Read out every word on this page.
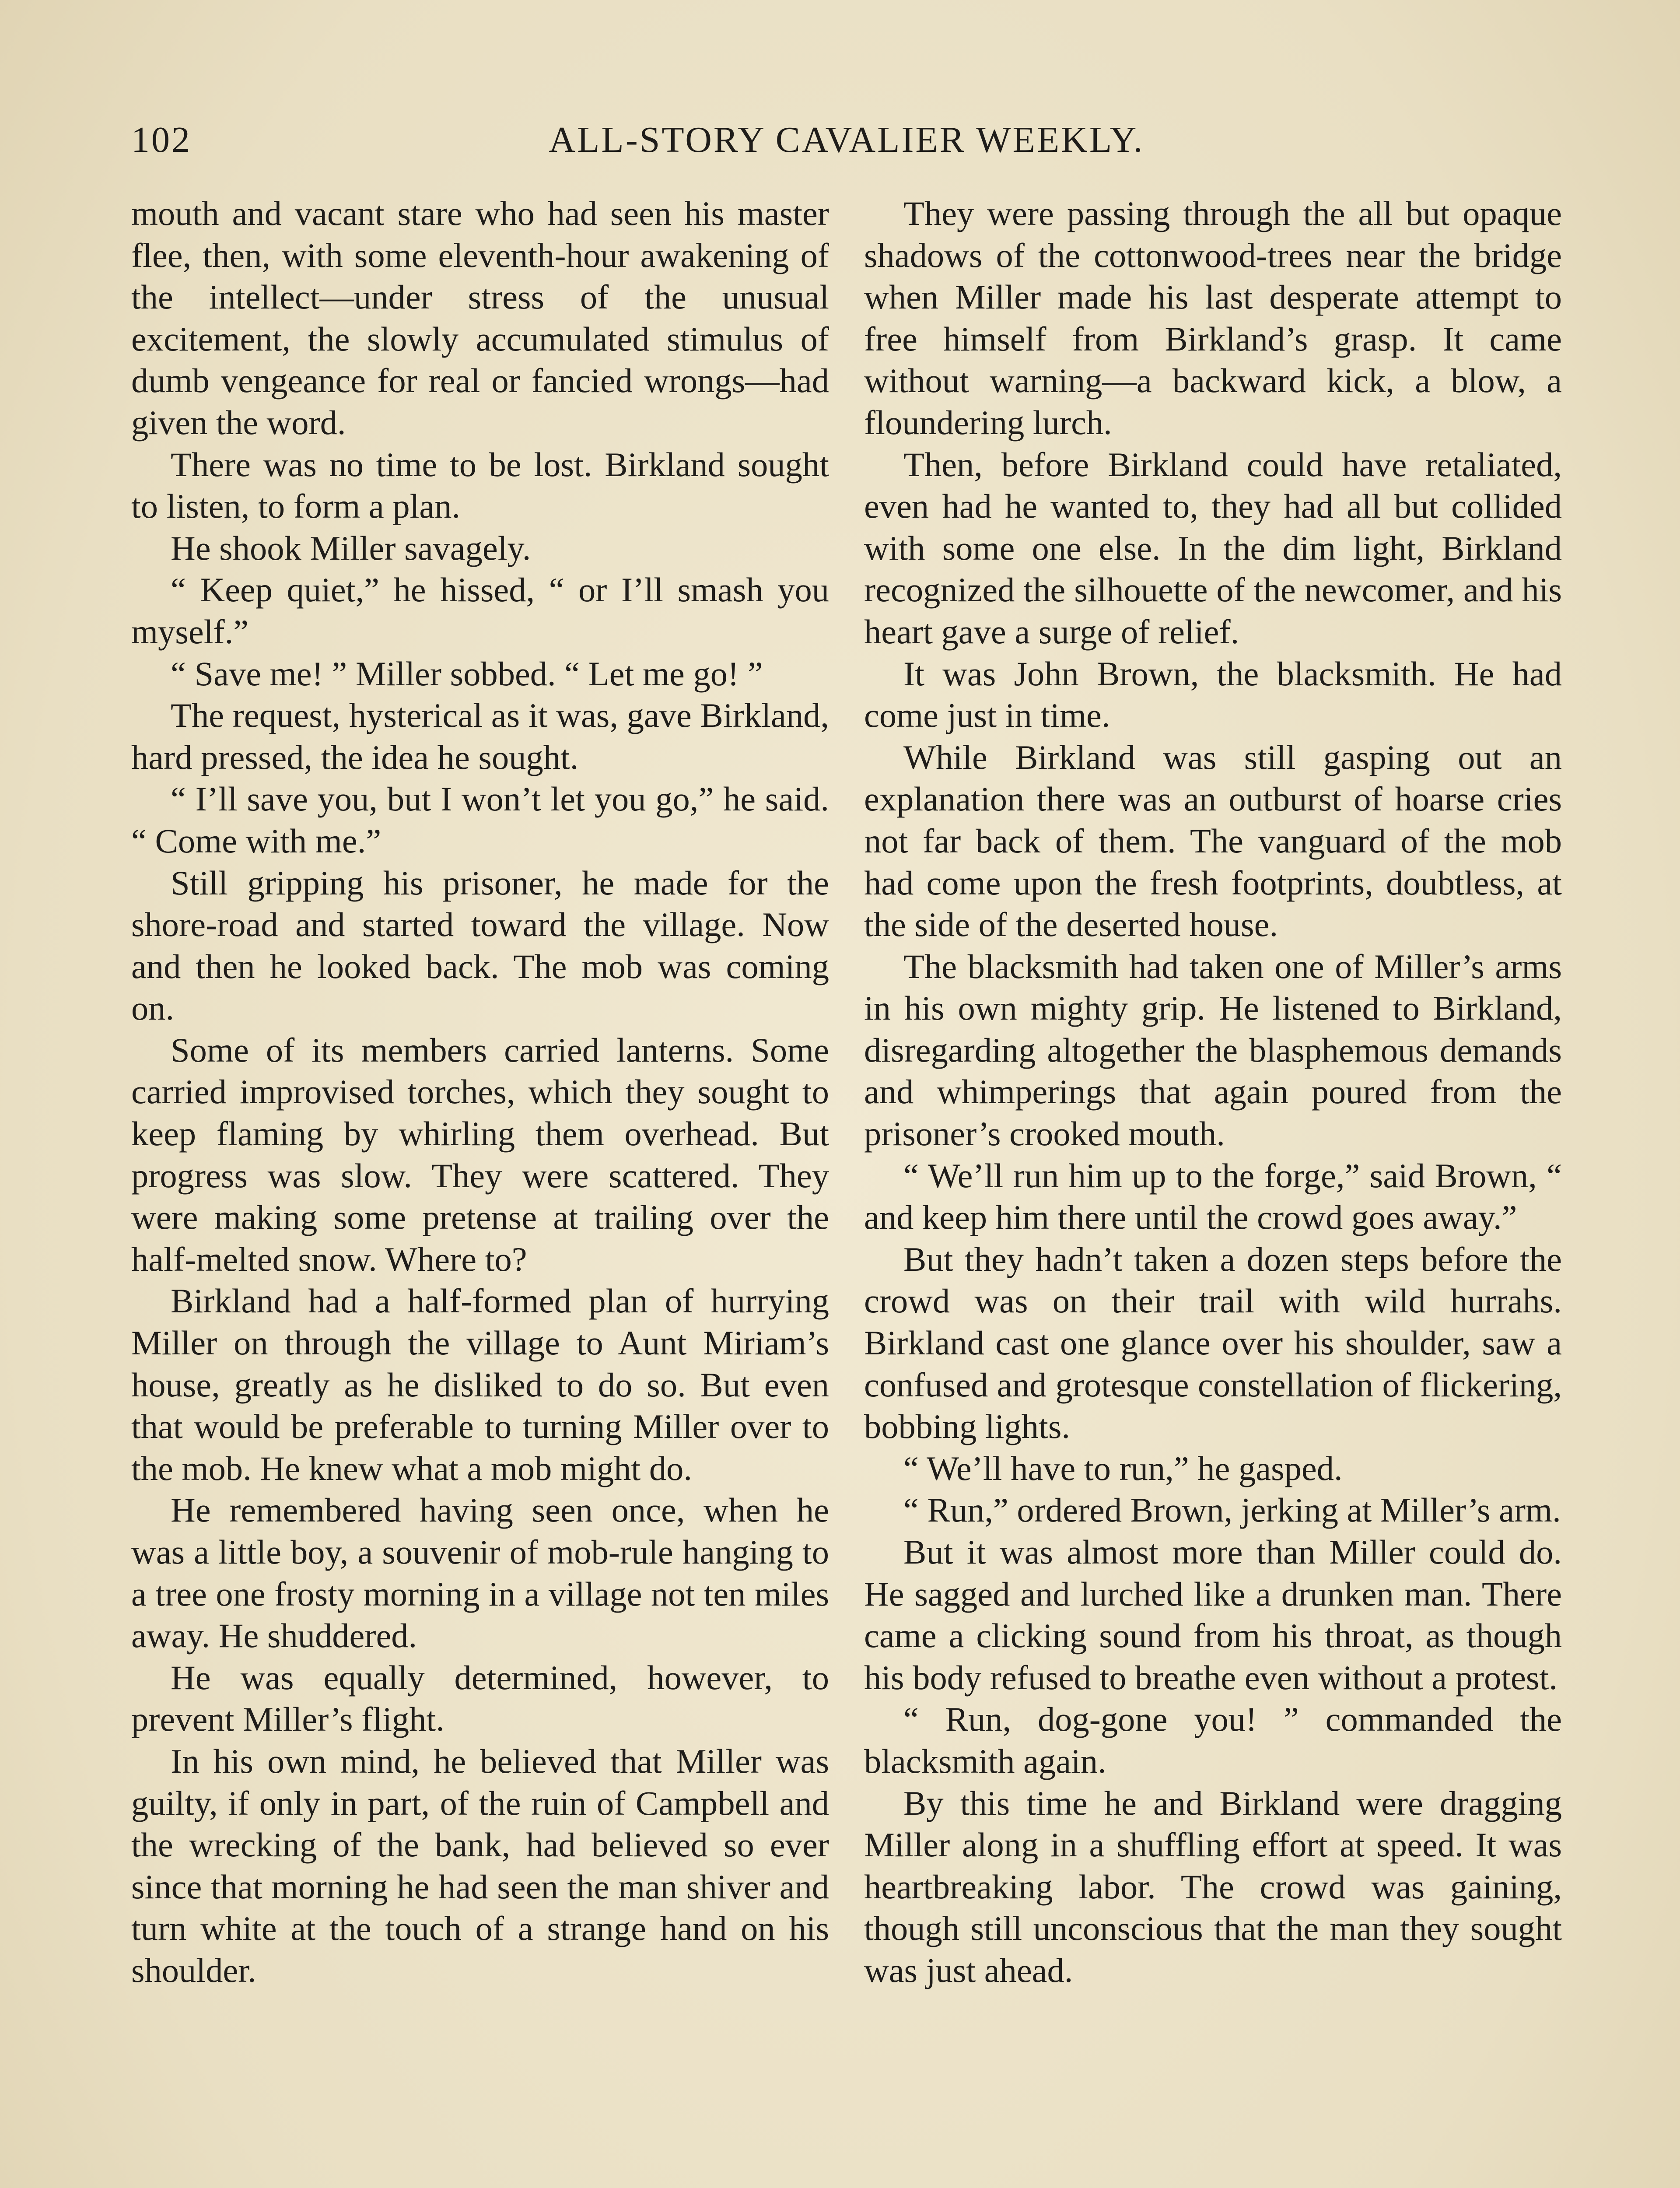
102	ALL-STORY CAVALIER WEEKLY.

mouth and vacant stare who had seen his master flee, then, with some eleventh-hour awakening of the intellect—under stress of the unusual excitement, the slowly accumulated stimulus of dumb vengeance for real or fancied wrongs—had given the word.

There was no time to be lost. Birkland sought to listen, to form a plan.

He shook Miller savagely.

“ Keep quiet,” he hissed, “ or I’ll smash you myself.”

“ Save me! ” Miller sobbed. “ Let me go! ”

The request, hysterical as it was, gave Birkland, hard pressed, the idea he sought.

“ I’ll save you, but I won’t let you go,” he said. “ Come with me.”

Still gripping his prisoner, he made for the shore-road and started toward the village. Now and then he looked back. The mob was coming on.

Some of its members carried lanterns. Some carried improvised torches, which they sought to keep flaming by whirling them overhead. But progress was slow. They were scattered. They were making some pretense at trailing over the half-melted snow. Where to?

Birkland had a half-formed plan of hurrying Miller on through the village to Aunt Miriam’s house, greatly as he disliked to do so. But even that would be preferable to turning Miller over to the mob. He knew what a mob might do.

He remembered having seen once, when he was a little boy, a souvenir of mob-rule hanging to a tree one frosty morning in a village not ten miles away. He shuddered.

He was equally determined, however, to prevent Miller’s flight.

In his own mind, he believed that Miller was guilty, if only in part, of the ruin of Campbell and the wrecking of the bank, had believed so ever since that morning he had seen the man shiver and turn white at the touch of a strange hand on his shoulder.

They were passing through the all but opaque shadows of the cottonwood-trees near the bridge when Miller made his last desperate attempt to free himself from Birkland’s grasp. It came without warning—a backward kick, a blow, a floundering lurch.

Then, before Birkland could have retaliated, even had he wanted to, they had all but collided with some one else. In the dim light, Birkland recognized the silhouette of the newcomer, and his heart gave a surge of relief.

It was John Brown, the blacksmith. He had come just in time.

While Birkland was still gasping out an explanation there was an outburst of hoarse cries not far back of them. The vanguard of the mob had come upon the fresh footprints, doubtless, at the side of the deserted house.

The blacksmith had taken one of Miller’s arms in his own mighty grip. He listened to Birkland, disregarding altogether the blasphemous demands and whimperings that again poured from the prisoner’s crooked mouth.

“ We’ll run him up to the forge,” said Brown, “ and keep him there until the crowd goes away.”

But they hadn’t taken a dozen steps before the crowd was on their trail with wild hurrahs. Birkland cast one glance over his shoulder, saw a confused and grotesque constellation of flickering, bobbing lights.

“ We’ll have to run,” he gasped.

“ Run,” ordered Brown, jerking at Miller’s arm.

But it was almost more than Miller could do. He sagged and lurched like a drunken man. There came a clicking sound from his throat, as though his body refused to breathe even without a protest.

“ Run, dog-gone you! ” commanded the blacksmith again.

By this time he and Birkland were dragging Miller along in a shuffling effort at speed. It was heartbreaking labor. The crowd was gaining, though still unconscious that the man they sought was just ahead.
